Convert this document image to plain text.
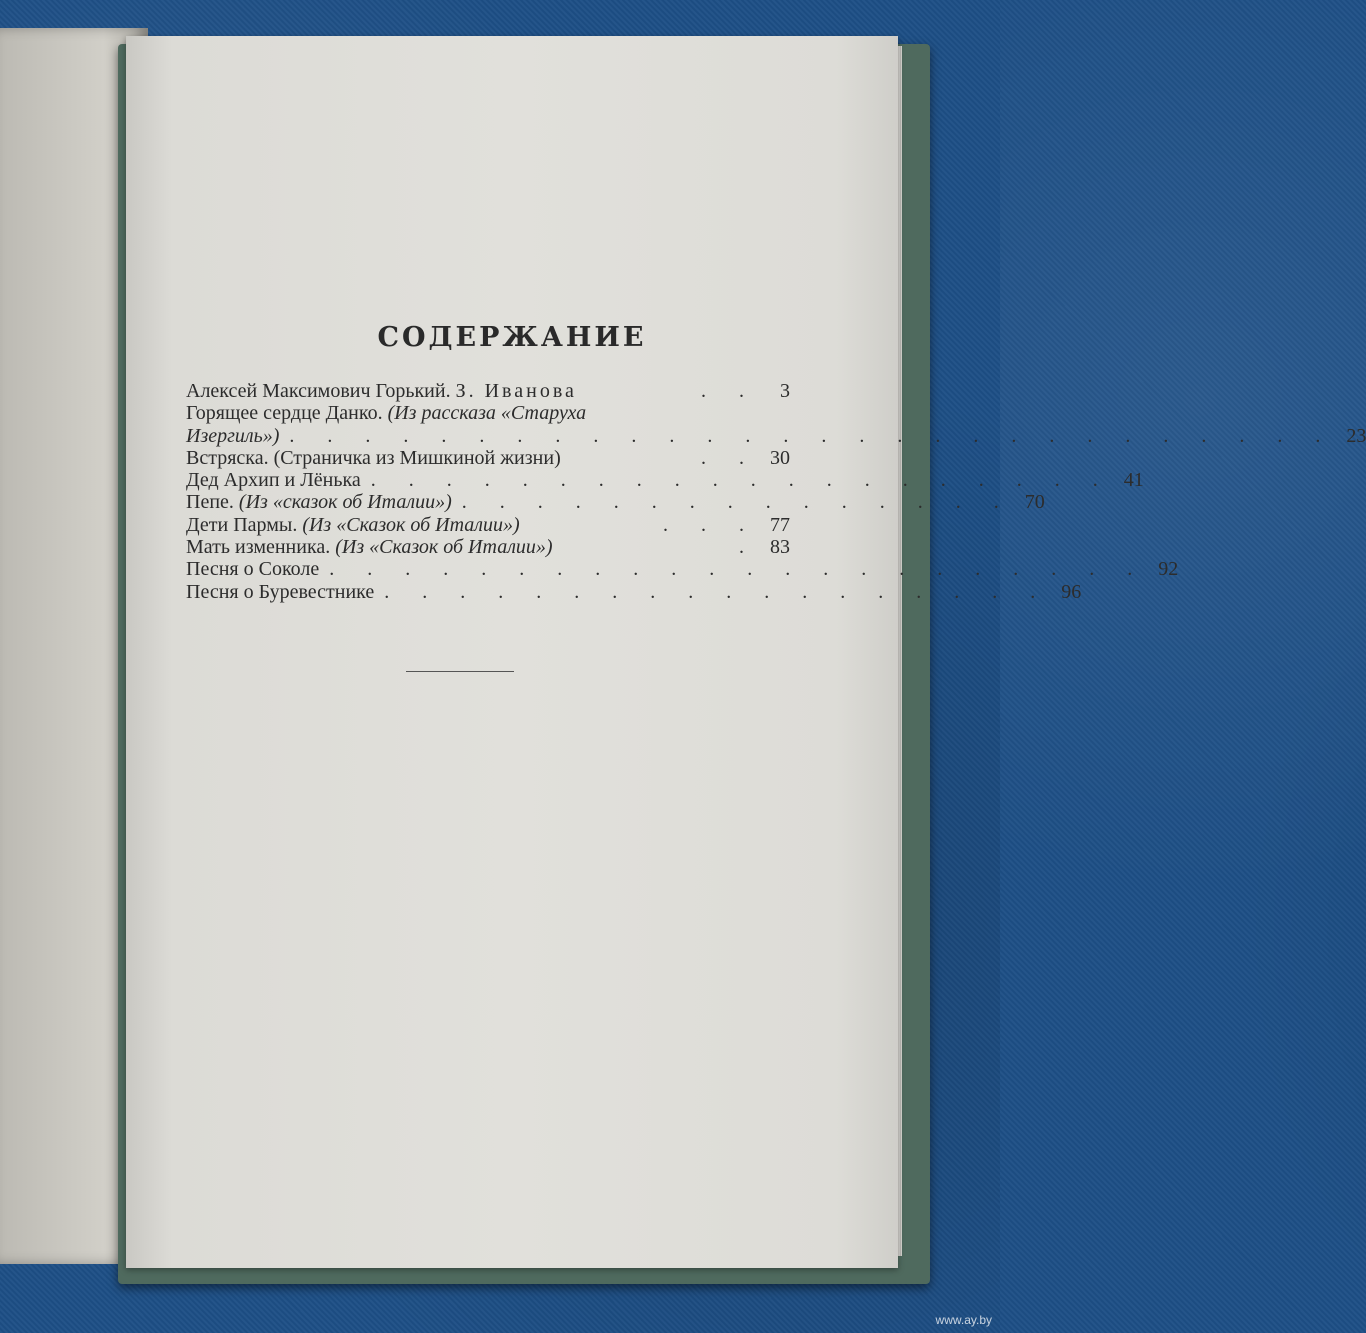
СОДЕРЖАНИЕ
Алексей Максимович Горький. З. Иванова	. .	3
Горящее сердце Данко. (Из рассказа «Старуха
Изергиль») . . . . . . . . . . . . . . . . . . . . . . . . . . . . 23
Встряска. (Страничка из Мишкиной жизни)	. . 30
Дед Архип и Лёнька . . . . . . . . . . . . . . . . . . . . 41
Пепе. (Из «сказок об Италии») . . . . . . . . . . . . . . . 70
Дети Пармы. (Из «Сказок об Италии»)	. . . 77
Мать изменника. (Из «Сказок об Италии»)	. 83
Песня о Соколе . . . . . . . . . . . . . . . . . . . . . . 92
Песня о Буревестнике . . . . . . . . . . . . . . . . . . 96
www.ay.by
